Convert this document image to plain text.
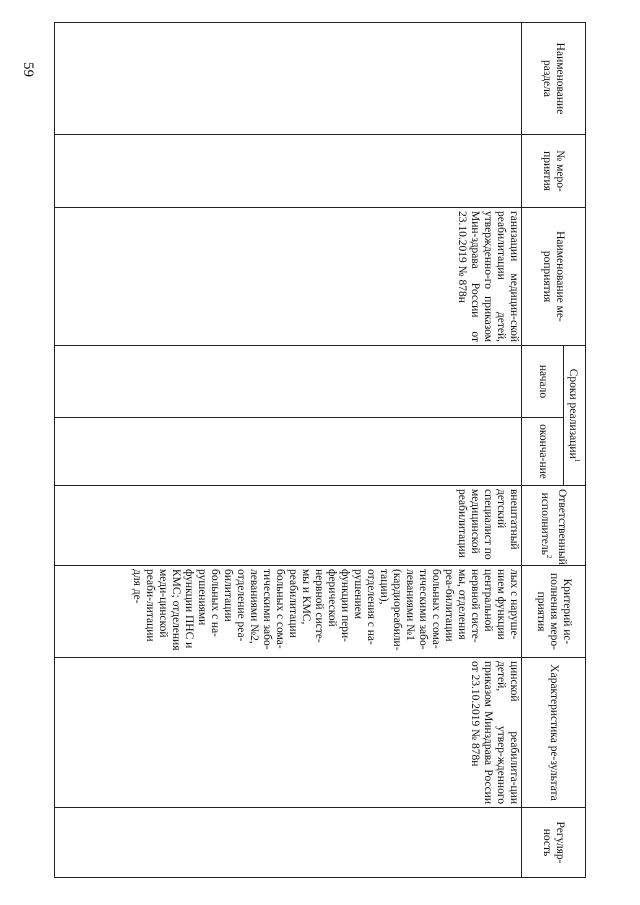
59	Наименование раздела	№ меро-приятия	Наименование ме-роприятия	Сроки реализации$^1$		Ответственный исполнитель$^2$	Критерий ис-полнения меро-приятия	Характеристика ре-зультата	Регуляр-ность
			начало	оконча-ние				

		ганизации медицин-ской реабилитации детей, утвержденно-го приказом Мин-здрава России от 23.10.2019 № 878н			внештатный детский специалист по медицинской реабилитации	лых с наруше-нием функции центральной нервной систе-мы, отделения реа-билитации больных с сома-тическими забо-леваниями №1 (кардиореабили-тации), отделения с на-рушением функции пери-ферической нервной систе-мы и КМС, реабилитации больных с сома-тическими забо-леваниями №2, отделение реа-билитации больных с на-рушениями функции ПНС и КМС; отделения меди-цинской реаби-литации для де-	цинской реабилита-ции детей, утвер-жденного приказом Минздрава России от 23.10.2019 № 878н	
